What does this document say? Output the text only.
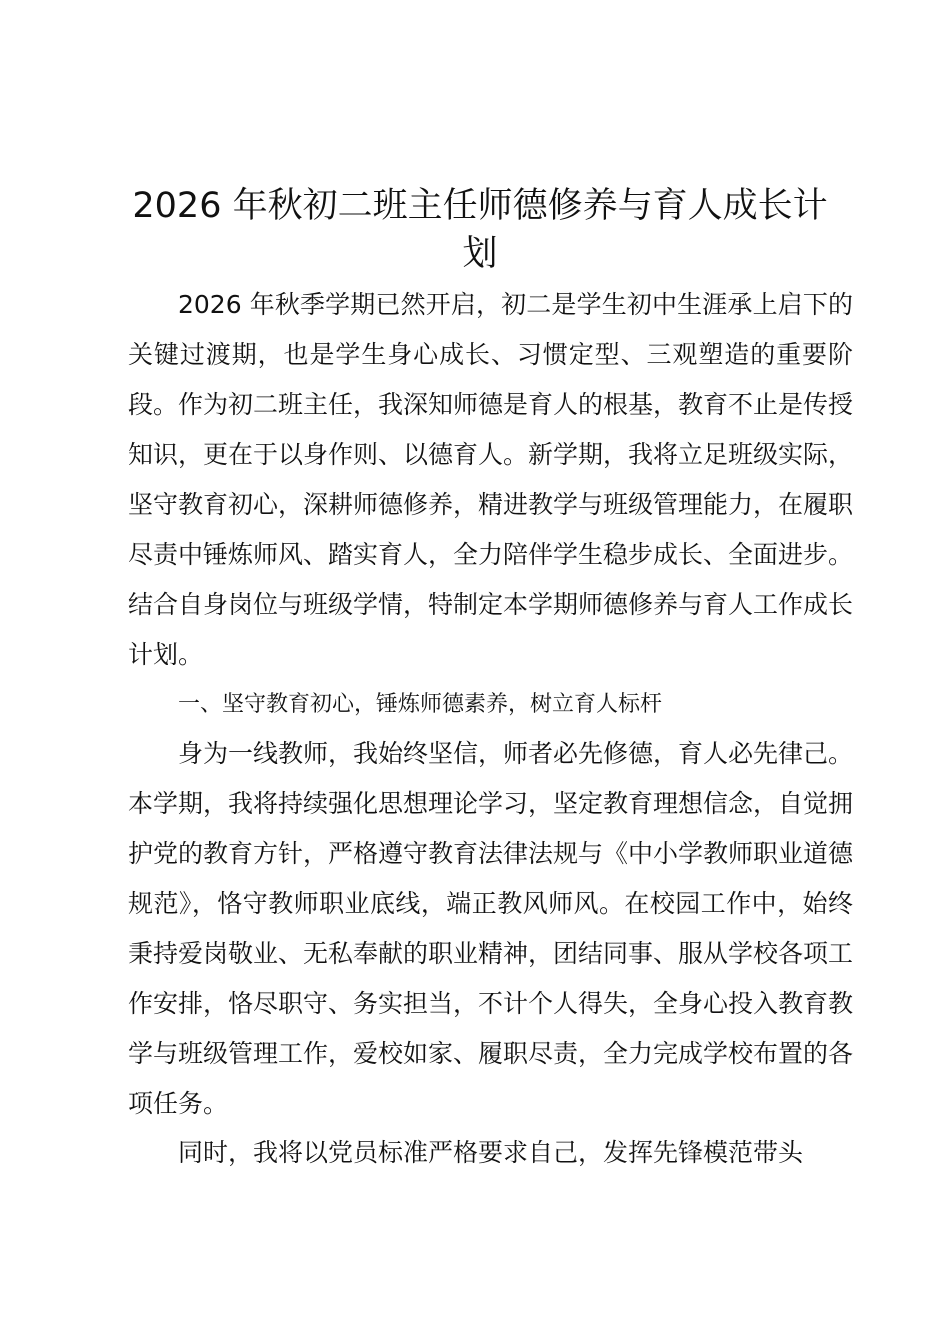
2026 年秋初二班主任师德修养与育人成长计划

2026 年秋季学期已然开启，初二是学生初中生涯承上启下的关键过渡期，也是学生身心成长、习惯定型、三观塑造的重要阶段。作为初二班主任，我深知师德是育人的根基，教育不止是传授知识，更在于以身作则、以德育人。新学期，我将立足班级实际，坚守教育初心，深耕师德修养，精进教学与班级管理能力，在履职尽责中锤炼师风、踏实育人，全力陪伴学生稳步成长、全面进步。结合自身岗位与班级学情，特制定本学期师德修养与育人工作成长计划。

一、坚守教育初心，锤炼师德素养，树立育人标杆

身为一线教师，我始终坚信，师者必先修德，育人必先律己。本学期，我将持续强化思想理论学习，坚定教育理想信念，自觉拥护党的教育方针，严格遵守教育法律法规与《中小学教师职业道德规范》，恪守教师职业底线，端正教风师风。在校园工作中，始终秉持爱岗敬业、无私奉献的职业精神，团结同事、服从学校各项工作安排，恪尽职守、务实担当，不计个人得失，全身心投入教育教学与班级管理工作，爱校如家、履职尽责，全力完成学校布置的各项任务。

同时，我将以党员标准严格要求自己，发挥先锋模范带头
